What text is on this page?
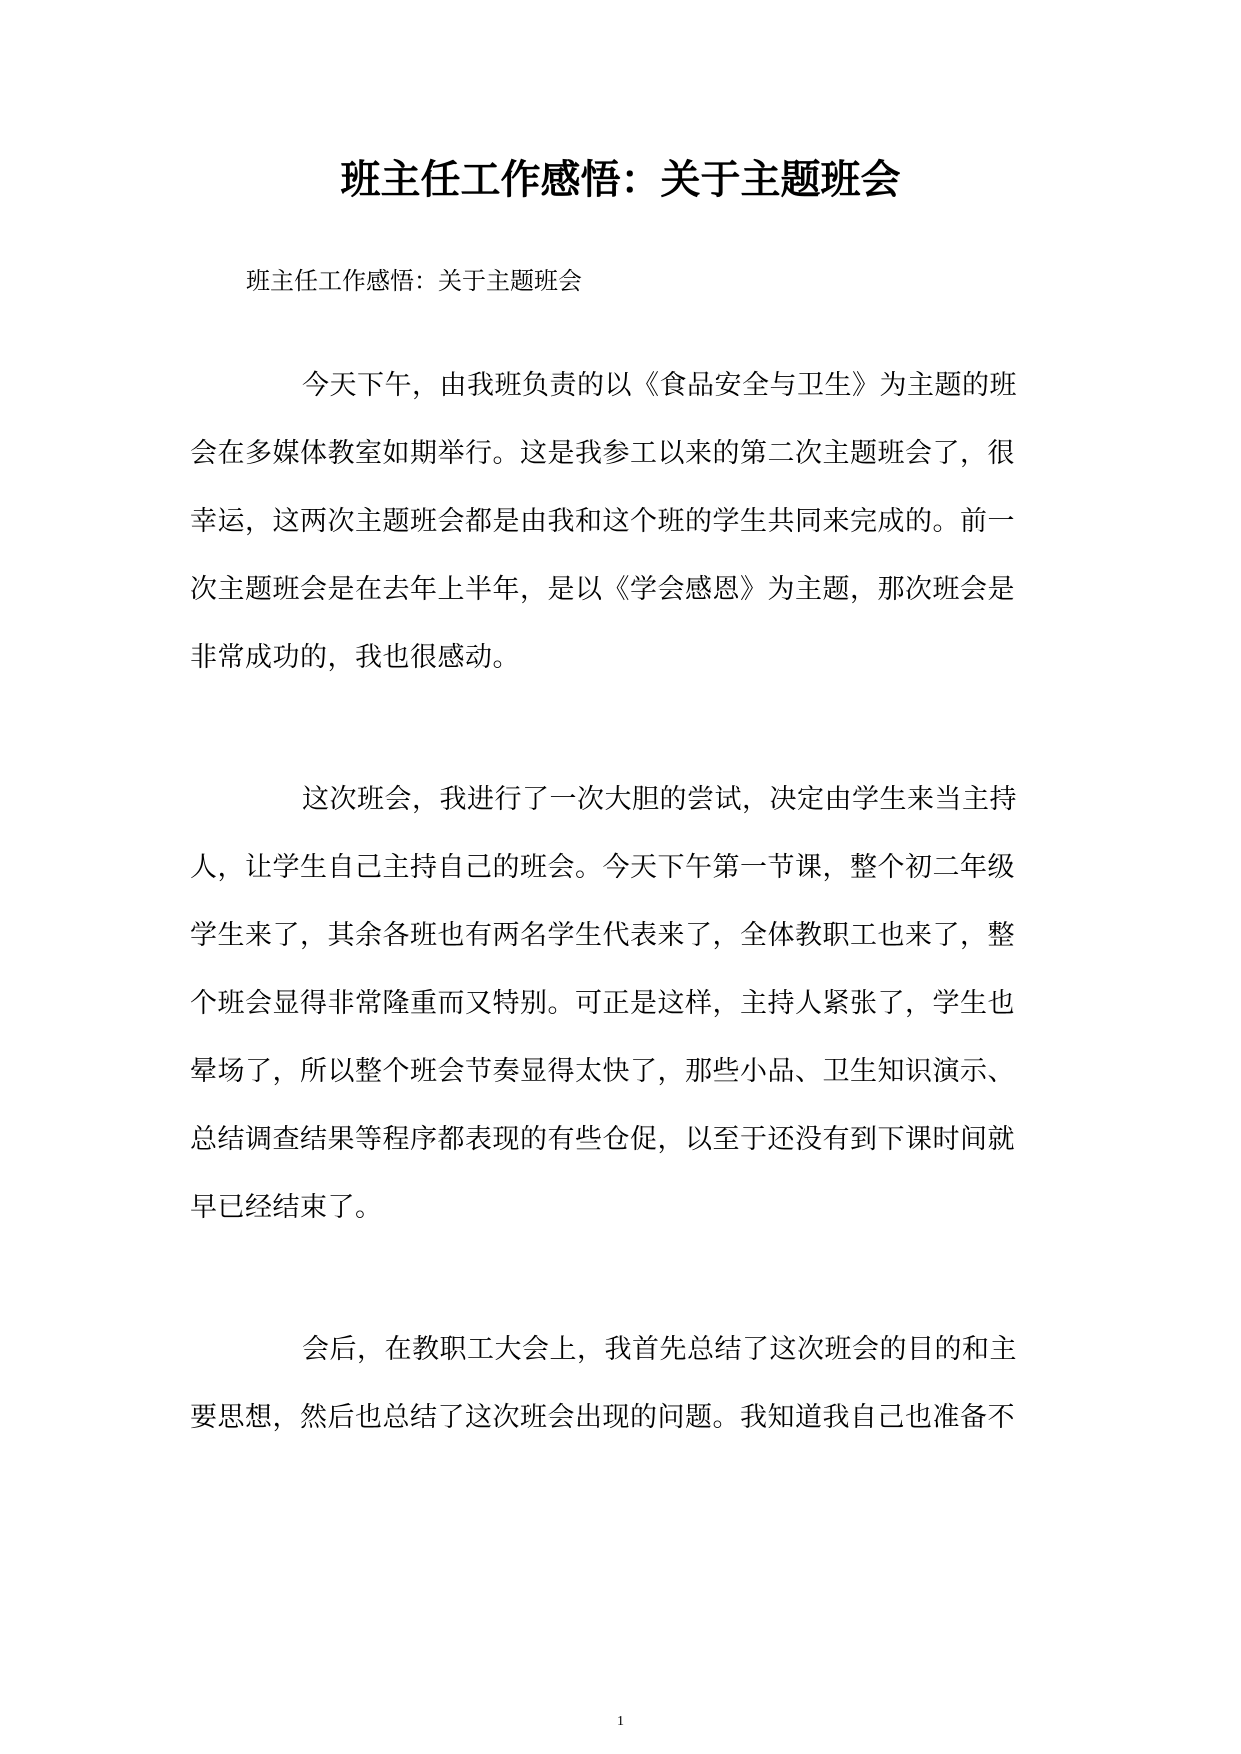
班主任工作感悟：关于主题班会

班主任工作感悟：关于主题班会

今天下午，由我班负责的以《食品安全与卫生》为主题的班

会在多媒体教室如期举行。这是我参工以来的第二次主题班会了，很

幸运，这两次主题班会都是由我和这个班的学生共同来完成的。前一

次主题班会是在去年上半年，是以《学会感恩》为主题，那次班会是

非常成功的，我也很感动。

这次班会，我进行了一次大胆的尝试，决定由学生来当主持

人，让学生自己主持自己的班会。今天下午第一节课，整个初二年级

学生来了，其余各班也有两名学生代表来了，全体教职工也来了，整

个班会显得非常隆重而又特别。可正是这样，主持人紧张了，学生也

晕场了，所以整个班会节奏显得太快了，那些小品、卫生知识演示、

总结调查结果等程序都表现的有些仓促，以至于还没有到下课时间就

早已经结束了。

会后，在教职工大会上，我首先总结了这次班会的目的和主

要思想，然后也总结了这次班会出现的问题。我知道我自己也准备不

1
